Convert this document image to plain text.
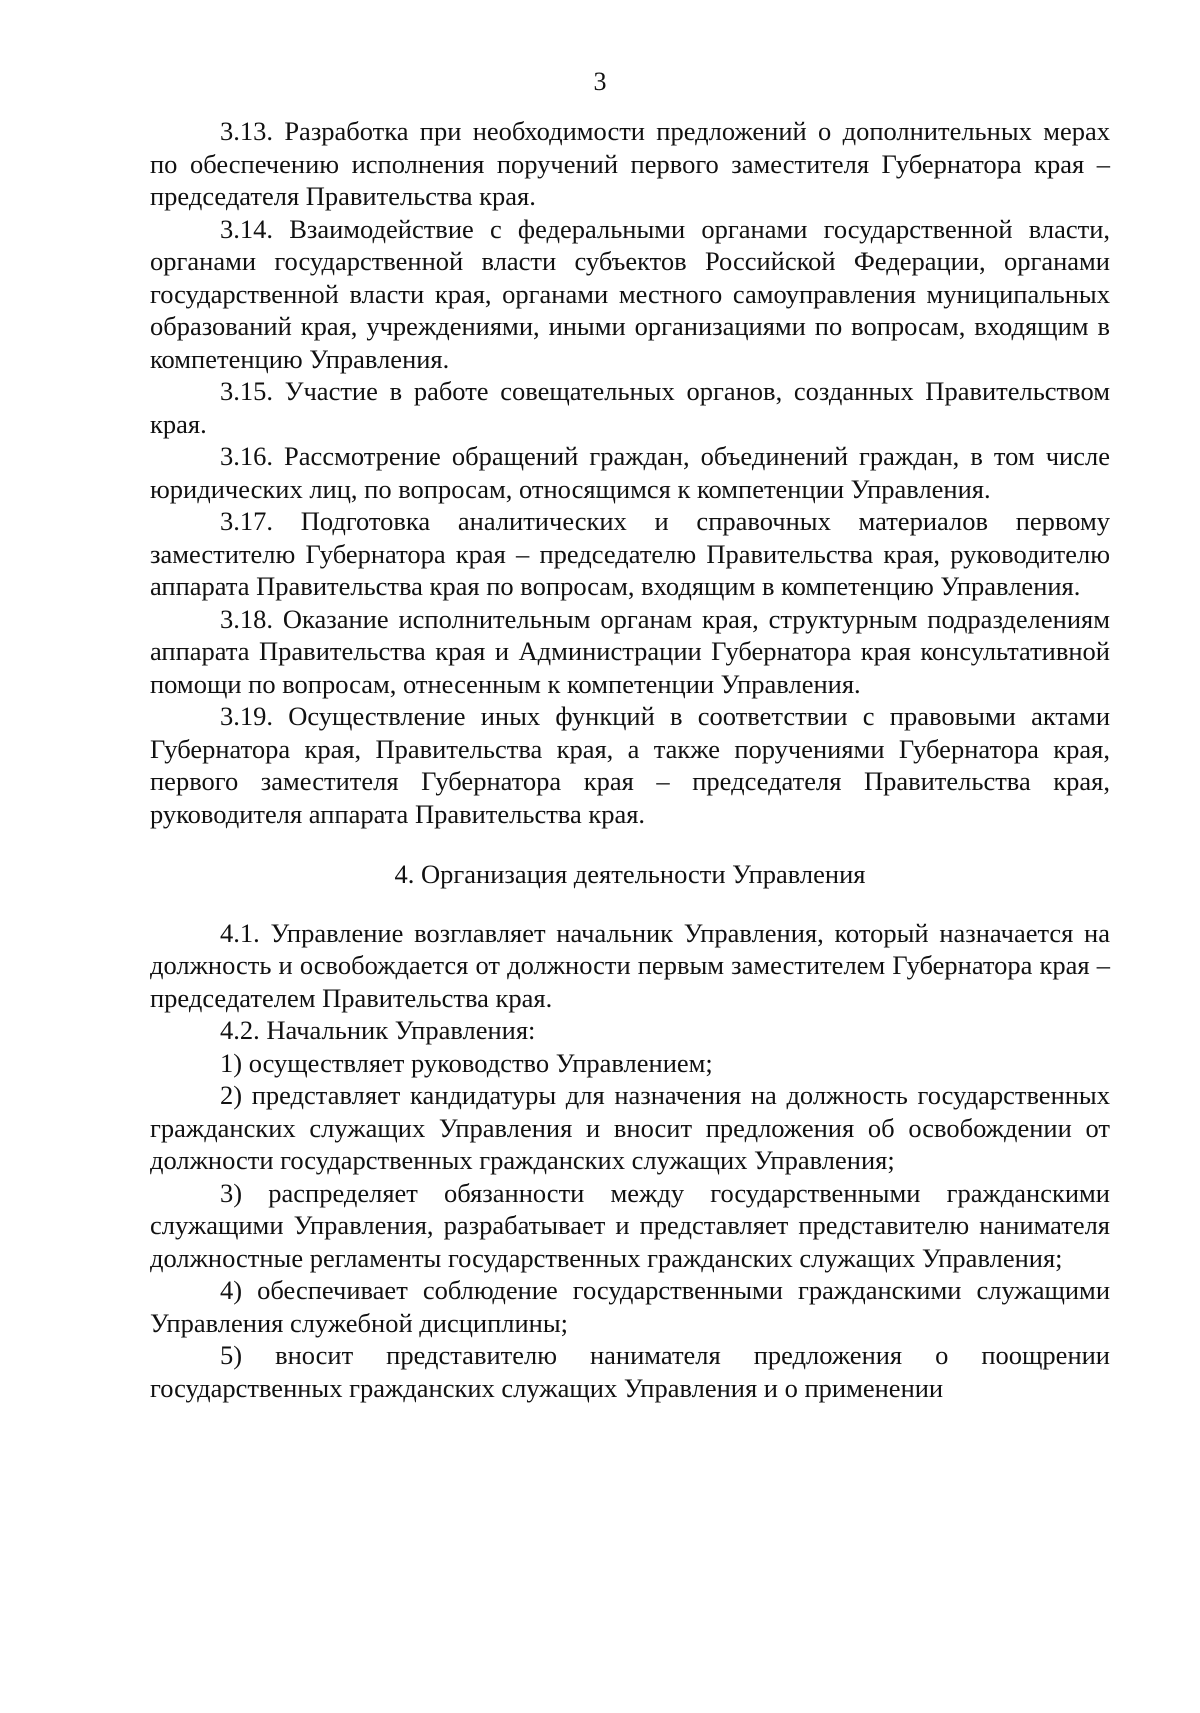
3

3.13. Разработка при необходимости предложений о дополнительных мерах по обеспечению исполнения поручений первого заместителя Губернатора края – председателя Правительства края.

3.14. Взаимодействие с федеральными органами государственной власти, органами государственной власти субъектов Российской Федерации, органами государственной власти края, органами местного самоуправления муниципальных образований края, учреждениями, иными организациями по вопросам, входящим в компетенцию Управления.

3.15. Участие в работе совещательных органов, созданных Правительством края.

3.16. Рассмотрение обращений граждан, объединений граждан, в том числе юридических лиц, по вопросам, относящимся к компетенции Управления.

3.17. Подготовка аналитических и справочных материалов первому заместителю Губернатора края – председателю Правительства края, руководителю аппарата Правительства края по вопросам, входящим в компетенцию Управления.

3.18. Оказание исполнительным органам края, структурным подразделениям аппарата Правительства края и Администрации Губернатора края консультативной помощи по вопросам, отнесенным к компетенции Управления.

3.19. Осуществление иных функций в соответствии с правовыми актами Губернатора края, Правительства края, а также поручениями Губернатора края, первого заместителя Губернатора края – председателя Правительства края, руководителя аппарата Правительства края.

4. Организация деятельности Управления

4.1. Управление возглавляет начальник Управления, который назначается на должность и освобождается от должности первым заместителем Губернатора края – председателем Правительства края.

4.2. Начальник Управления:

1) осуществляет руководство Управлением;

2) представляет кандидатуры для назначения на должность государственных гражданских служащих Управления и вносит предложения об освобождении от должности государственных гражданских служащих Управления;

3) распределяет обязанности между государственными гражданскими служащими Управления, разрабатывает и представляет представителю нанимателя должностные регламенты государственных гражданских служащих Управления;

4) обеспечивает соблюдение государственными гражданскими служащими Управления служебной дисциплины;

5) вносит представителю нанимателя предложения о поощрении государственных гражданских служащих Управления и о применении
